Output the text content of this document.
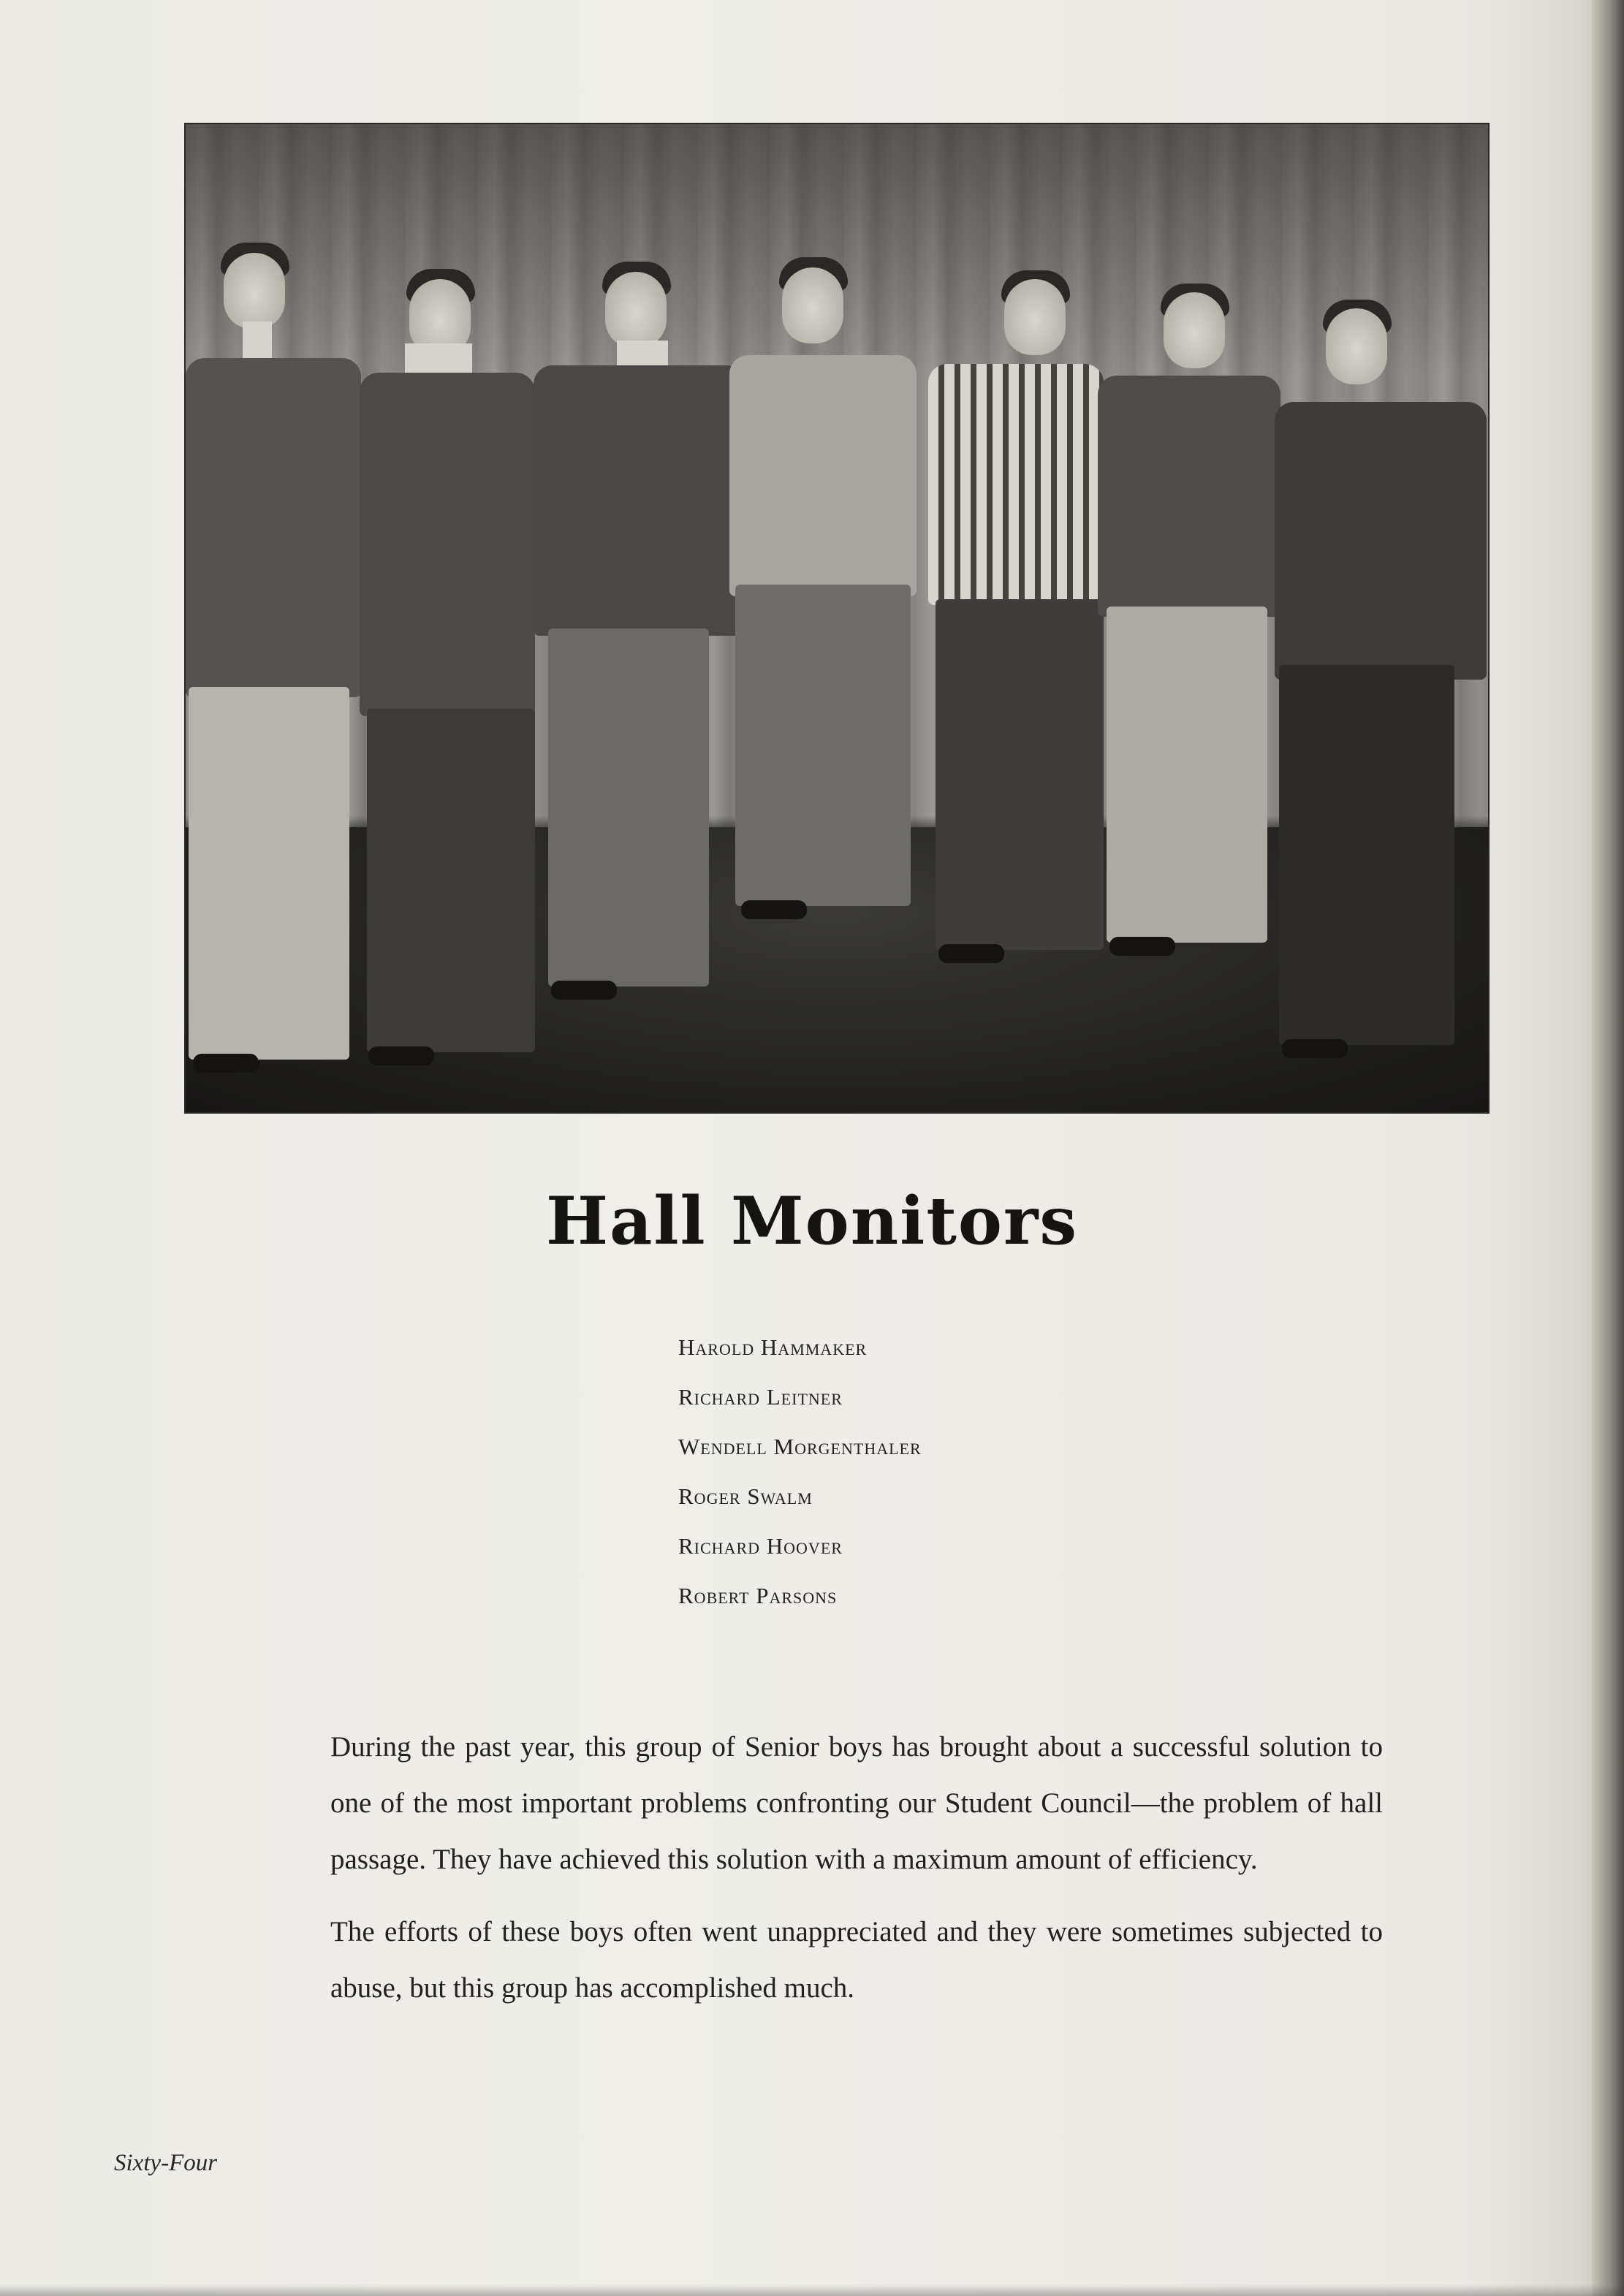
Hall Monitors
Harold Hammaker
Richard Leitner
Wendell Morgenthaler
Roger Swalm
Richard Hoover
Robert Parsons

During the past year, this group of Senior boys has brought about a successful solution to one of the most important problems confronting our Student Council—the problem of hall passage. They have achieved this solution with a maximum amount of efficiency.

The efforts of these boys often went unappreciated and they were sometimes subjected to abuse, but this group has accomplished much.

Sixty-Four
